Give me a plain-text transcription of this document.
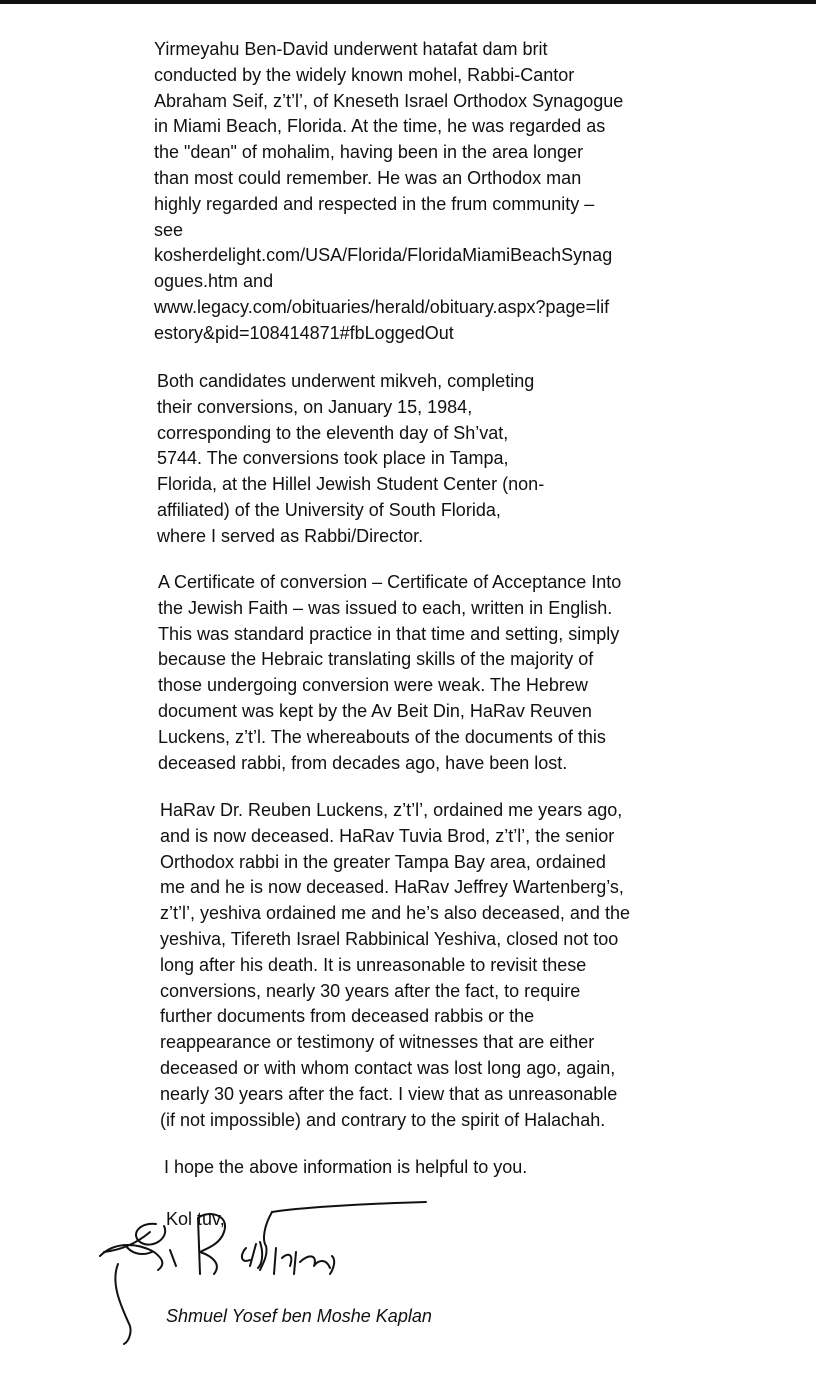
Yirmeyahu Ben-David underwent hatafat dam brit
conducted by the widely known mohel, Rabbi-Cantor
Abraham Seif, z’t’l’, of Kneseth Israel Orthodox Synagogue
in Miami Beach, Florida. At the time, he was regarded as
the "dean" of mohalim, having been in the area longer
than most could remember. He was an Orthodox man
highly regarded and respected in the frum community –
see
kosherdelight.com/USA/Florida/FloridaMiamiBeachSynag
ogues.htm and
www.legacy.com/obituaries/herald/obituary.aspx?page=lif
estory&pid=108414871#fbLoggedOut
Both candidates underwent mikveh, completing
their conversions, on January 15, 1984,
corresponding to the eleventh day of Sh’vat,
5744. The conversions took place in Tampa,
Florida, at the Hillel Jewish Student Center (non-
affiliated) of the University of South Florida,
where I served as Rabbi/Director.
A Certificate of conversion – Certificate of Acceptance Into
the Jewish Faith – was issued to each, written in English.
This was standard practice in that time and setting, simply
because the Hebraic translating skills of the majority of
those undergoing conversion were weak. The Hebrew
document was kept by the Av Beit Din, HaRav Reuven
Luckens, z’t’l. The whereabouts of the documents of this
deceased rabbi, from decades ago, have been lost.
HaRav Dr. Reuben Luckens, z’t’l’, ordained me years ago,
and is now deceased. HaRav Tuvia Brod, z’t’l’, the senior
Orthodox rabbi in the greater Tampa Bay area, ordained
me and he is now deceased. HaRav Jeffrey Wartenberg’s,
z’t’l’, yeshiva ordained me and he’s also deceased, and the
yeshiva, Tifereth Israel Rabbinical Yeshiva, closed not too
long after his death. It is unreasonable to revisit these
conversions, nearly 30 years after the fact, to require
further documents from deceased rabbis or the
reappearance or testimony of witnesses that are either
deceased or with whom contact was lost long ago, again,
nearly 30 years after the fact. I view that as unreasonable
(if not impossible) and contrary to the spirit of Halachah.

I hope the above information is helpful to you.

Kol tuv,

Shmuel Yosef ben Moshe Kaplan
